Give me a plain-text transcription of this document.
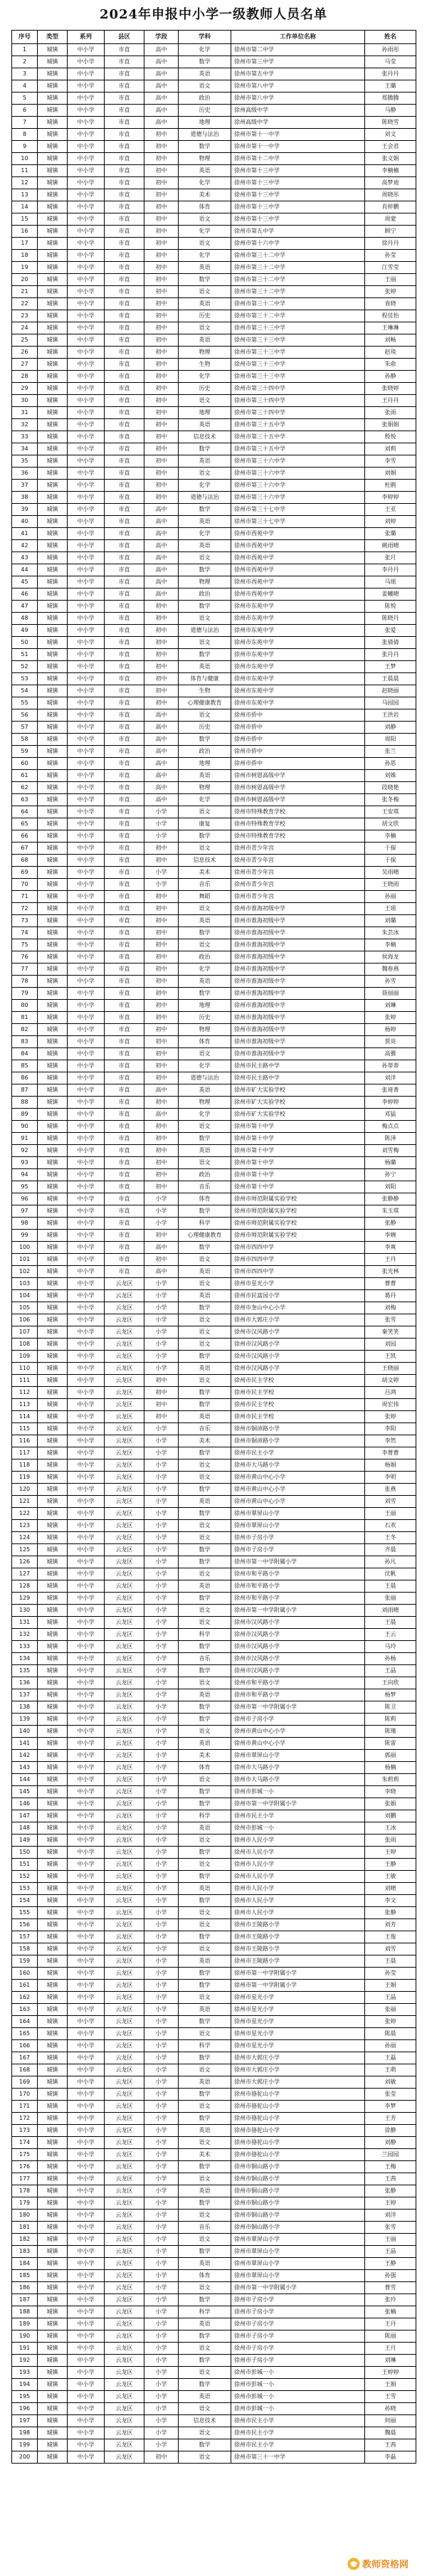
2024年申报中小学一级教师人员名单
序号	类型	系列	县区	学段	学科	工作单位名称	姓名
1	城镇	中小学	市直	高中	化学	徐州市第二中学	孙雨彤
2	城镇	中小学	市直	高中	数学	徐州市第三中学	马莹
3	城镇	中小学	市直	高中	英语	徐州市第五中学	张丹丹
4	城镇	中小学	市直	高中	语文	徐州市第八中学	王璐
5	城镇	中小学	市直	高中	政治	徐州市第八中学	郑腾腾
6	城镇	中小学	市直	高中	历史	徐州高级中学	马静
7	城镇	中小学	市直	高中	地理	徐州高级中学	陈晓雪
8	城镇	中小学	市直	初中	道德与法治	徐州市第十一中学	刘文
9	城镇	中小学	市直	初中	数学	徐州市第十一中学	王会君
10	城镇	中小学	市直	初中	物理	徐州市第十二中学	张文娟
11	城镇	中小学	市直	初中	英语	徐州市第十三中学	李楠楠
12	城镇	中小学	市直	初中	化学	徐州市第十三中学	高梦迪
13	城镇	中小学	市直	初中	美术	徐州市第十三中学	周晓彤
14	城镇	中小学	市直	初中	体育	徐州市第十三中学	肖梓鹏
15	城镇	中小学	市直	初中	语文	徐州市第十三中学	周蒙
16	城镇	中小学	市直	初中	化学	徐州市第五中学	顾宁
17	城镇	中小学	市直	初中	语文	徐州市第十六中学	徐丹丹
18	城镇	中小学	市直	初中	化学	徐州市第三十二中学	孙莹
19	城镇	中小学	市直	初中	英语	徐州市第三十二中学	江雪莹
20	城镇	中小学	市直	初中	数学	徐州市第三十二中学	王丽
21	城镇	中小学	市直	初中	语文	徐州市第三十二中学	张婷
22	城镇	中小学	市直	初中	英语	徐州市第三十二中学	袁晓
23	城镇	中小学	市直	初中	历史	徐州市第三十二中学	程佳怡
24	城镇	中小学	市直	初中	语文	徐州市第三十三中学	王琳琳
25	城镇	中小学	市直	初中	英语	徐州市第三十三中学	刘畅
26	城镇	中小学	市直	初中	物理	徐州市第三十三中学	赵琰
27	城镇	中小学	市直	初中	生物	徐州市第三十三中学	朱俞
28	城镇	中小学	市直	初中	化学	徐州市第三十三中学	孙静
29	城镇	中小学	市直	初中	历史	徐州市第三十四中学	张晓婷
30	城镇	中小学	市直	初中	语文	徐州市第三十四中学	王丹丹
31	城镇	中小学	市直	初中	地理	徐州市第三十四中学	张雨
32	城镇	中小学	市直	初中	英语	徐州市第三十五中学	张娟娟
33	城镇	中小学	市直	初中	信息技术	徐州市第三十五中学	殷悦
34	城镇	中小学	市直	初中	数学	徐州市第三十五中学	刘莉
35	城镇	中小学	市直	初中	英语	徐州市第三十六中学	李雪
36	城镇	中小学	市直	初中	语文	徐州市第三十六中学	刘娟
37	城镇	中小学	市直	初中	化学	徐州市第三十六中学	杜鹃
38	城镇	中小学	市直	初中	道德与法治	徐州市第三十六中学	李婷婷
39	城镇	中小学	市直	高中	数学	徐州市第三十七中学	王亚
40	城镇	中小学	市直	高中	英语	徐州市第三十七中学	刘婷
41	城镇	中小学	市直	高中	化学	徐州市西苑中学	张璐
42	城镇	中小学	市直	高中	英语	徐州市西苑中学	姚雨晴
43	城镇	中小学	市直	高中	语文	徐州市西苑中学	张月
44	城镇	中小学	市直	高中	数学	徐州市西苑中学	李丹丹
45	城镇	中小学	市直	高中	物理	徐州市西苑中学	马瑶
46	城镇	中小学	市直	高中	政治	徐州市西苑中学	姜曦晴
47	城镇	中小学	市直	初中	数学	徐州市东苑中学	陈悦
48	城镇	中小学	市直	初中	语文	徐州市东苑中学	陈晓丹
49	城镇	中小学	市直	初中	道德与法治	徐州市东苑中学	张爱
50	城镇	中小学	市直	初中	语文	徐州市东苑中学	张倩倩
51	城镇	中小学	市直	初中	数学	徐州市东苑中学	张丹丹
52	城镇	中小学	市直	初中	英语	徐州市东苑中学	王梦
53	城镇	中小学	市直	初中	体育与健康	徐州市东苑中学	王晨晨
54	城镇	中小学	市直	初中	生物	徐州市东苑中学	赵晓丽
55	城镇	中小学	市直	初中	心理健康教育	徐州市东苑中学	马园园
56	城镇	中小学	市直	高中	语文	徐州市侨中	王洪岩
57	城镇	中小学	市直	高中	历史	徐州市侨中	刘静
58	城镇	中小学	市直	高中	数学	徐州市侨中	周阳
59	城镇	中小学	市直	高中	政治	徐州市侨中	张兰
60	城镇	中小学	市直	高中	地理	徐州市侨中	孙思
61	城镇	中小学	市直	高中	英语	徐州市树恩高级中学	刘姝
62	城镇	中小学	市直	高中	物理	徐州市树恩高级中学	段晓艳
63	城镇	中小学	市直	高中	化学	徐州市树恩高级中学	张冬梅
64	城镇	中小学	市直	小学	语文	徐州市特殊教育学校	王安琪
65	城镇	中小学	市直	小学	康复	徐州市特殊教育学校	胡文欣
66	城镇	中小学	市直	小学	数学	徐州市特殊教育学校	李楠
67	城镇	中小学	市直	初中	语文	徐州市青少年宫	于探
68	城镇	中小学	市直	初中	信息技术	徐州市青少年宫	于探
69	城镇	中小学	市直	小学	美术	徐州市青少年宫	吴雨晴
70	城镇	中小学	市直	小学	音乐	徐州市青少年宫	王晓雨
71	城镇	中小学	市直	初中	舞蹈	徐州市青少年宫	孙丽
72	城镇	中小学	市直	初中	语文	徐州市淮海初级中学	王瑶
73	城镇	中小学	市直	初中	英语	徐州市淮海初级中学	刘璐
74	城镇	中小学	市直	初中	数学	徐州市淮海初级中学	朱芸冰
75	城镇	中小学	市直	初中	语文	徐州市淮海初级中学	李楠
76	城镇	中小学	市直	初中	政治	徐州市淮海初级中学	侯海龙
77	城镇	中小学	市直	初中	化学	徐州市淮海初级中学	魏春燕
78	城镇	中小学	市直	初中	英语	徐州市淮海初级中学	孙雪
79	城镇	中小学	市直	初中	数学	徐州市淮海初级中学	聂丽丽
80	城镇	中小学	市直	初中	地理	徐州市淮海初级中学	刘琳
81	城镇	中小学	市直	初中	历史	徐州市淮海初级中学	张婷
82	城镇	中小学	市直	初中	物理	徐州市淮海初级中学	杨婷
83	城镇	中小学	市直	初中	体育	徐州市淮海初级中学	贾亮
84	城镇	中小学	市直	初中	语文	徐州市淮海初级中学	高雅
85	城镇	中小学	市直	初中	化学	徐州市民主路中学	孙蒂蒂
86	城镇	中小学	市直	初中	道德与法治	徐州市民主路中学	刘洋
87	城镇	中小学	市直	高中	英语	徐州市矿大实验学校	张琦菁
88	城镇	中小学	市直	初中	物理	徐州市矿大实验学校	李婷婷
89	城镇	中小学	市直	高中	化学	徐州市矿大实验学校	邓猛
90	城镇	中小学	市直	初中	语文	徐州市第十中学	梅点点
91	城镇	中小学	市直	初中	数学	徐州市第十中学	陈泽
92	城镇	中小学	市直	初中	英语	徐州市第十中学	刘雪梅
93	城镇	中小学	市直	初中	语文	徐州市第十中学	杨璐
94	城镇	中小学	市直	初中	政治	徐州市第十中学	孙宁
95	城镇	中小学	市直	初中	音乐	徐州市第十中学	刘阳
96	城镇	中小学	市直	小学	体育	徐州市师范附属实验学校	张静静
97	城镇	中小学	市直	小学	数学	徐州市师范附属实验学校	朱玉琪
98	城镇	中小学	市直	小学	科学	徐州市师范附属实验学校	张静
99	城镇	中小学	市直	初中	心理健康教育	徐州市师范附属实验学校	李婉
100	城镇	中小学	市直	高中	数学	徐州市四四中学	李爽
101	城镇	中小学	市直	初中	语文	徐州市四四中学	王丹
102	城镇	中小学	市直	高中	英语	徐州市四四中学	张光林
103	城镇	中小学	云龙区	小学	语文	徐州市星光小学	曹曹
104	城镇	中小学	云龙区	小学	英语	徐州市民富园小学	葛丹
105	城镇	中小学	云龙区	小学	数学	徐州市奎山中心小学	刘梅
106	城镇	中小学	云龙区	小学	语文	徐州市大郭庄小学	张雪
107	城镇	中小学	云龙区	小学	语文	徐州市汉风路小学	秦笑笑
108	城镇	中小学	云龙区	小学	语文	徐州市汉风路小学	刘园
109	城镇	中小学	云龙区	小学	数学	徐州市汉风路小学	王凯
110	城镇	中小学	云龙区	小学	英语	徐州市汉风路小学	王晓丽
111	城镇	中小学	云龙区	初中	语文	徐州市民主学校	胡文婷
112	城镇	中小学	云龙区	初中	数学	徐州市民主学校	吕鸿
113	城镇	中小学	云龙区	初中	数学	徐州市民主学校	周宏伟
114	城镇	中小学	云龙区	初中	英语	徐州市民主学校	张婷
115	城镇	中小学	云龙区	小学	音乐	徐州市铜沛路小学	李阳
116	城镇	中小学	云龙区	小学	美术	徐州市铜沛路小学	李然
117	城镇	中小学	云龙区	小学	数学	徐州市民主小学	李曹曹
118	城镇	中小学	云龙区	小学	语文	徐州市大马路小学	杨娟
119	城镇	中小学	云龙区	小学	语文	徐州市黄山中心小学	李明
120	城镇	中小学	云龙区	小学	数学	徐州市黄山中心小学	张燕
121	城镇	中小学	云龙区	小学	英语	徐州市黄山中心小学	刘雪
122	城镇	中小学	云龙区	小学	数学	徐州市翠屏山小学	王丽
123	城镇	中小学	云龙区	小学	语文	徐州市翠屏山小学	石欢
124	城镇	中小学	云龙区	小学	语文	徐州市子房小学	王冬
125	城镇	中小学	云龙区	小学	数学	徐州市子房小学	齐晨
126	城镇	中小学	云龙区	小学	数学	徐州市第一中学附属小学	孙凡
127	城镇	中小学	云龙区	小学	语文	徐州市和平路小学	沈帆
128	城镇	中小学	云龙区	小学	英语	徐州市和平路小学	王晨
129	城镇	中小学	云龙区	小学	数学	徐州市和平路小学	张丽
130	城镇	中小学	云龙区	小学	语文	徐州市第一中学附属小学	刘雨晴
131	城镇	中小学	云龙区	小学	语文	徐州市汉风路小学	王晨
132	城镇	中小学	云龙区	小学	科学	徐州市汉风路小学	王云
133	城镇	中小学	云龙区	小学	数学	徐州市汉风路小学	马玲
134	城镇	中小学	云龙区	小学	音乐	徐州市汉风路小学	孙杨
135	城镇	中小学	云龙区	小学	数学	徐州市汉风路小学	王晶
136	城镇	中小学	云龙区	小学	语文	徐州市和平路小学	王向欣
137	城镇	中小学	云龙区	小学	英语	徐州市和平路小学	杨梦
138	城镇	中小学	云龙区	小学	数学	徐州市第一中学附属小学	陈卫
139	城镇	中小学	云龙区	小学	数学	徐州市子房小学	陈莉
140	城镇	中小学	云龙区	小学	语文	徐州市黄山中心小学	陈瑾
141	城镇	中小学	云龙区	小学	英语	徐州市黄山中心小学	陈雷
142	城镇	中小学	云龙区	小学	美术	徐州市翠屏山小学	郭丽
143	城镇	中小学	云龙区	小学	体育	徐州市大马路小学	杨楠
144	城镇	中小学	云龙区	小学	语文	徐州市大马路小学	朱莉莉
145	城镇	中小学	云龙区	小学	数学	徐州市彭城一小	李晓
146	城镇	中小学	云龙区	小学	数学	徐州市第一中学附属小学	张娟
147	城镇	中小学	云龙区	小学	科学	徐州市民主小学	刘鹏
148	城镇	中小学	云龙区	小学	英语	徐州市彭城一小	王冰
149	城镇	中小学	云龙区	小学	语文	徐州市人民小学	张雨
150	城镇	中小学	云龙区	小学	数学	徐州市人民小学	王婷
151	城镇	中小学	云龙区	小学	语文	徐州市人民小学	王静
152	城镇	中小学	云龙区	小学	数学	徐州市人民小学	王敏
153	城镇	中小学	云龙区	小学	英语	徐州市人民小学	刘晴
154	城镇	中小学	云龙区	小学	数学	徐州市人民小学	李文
155	城镇	中小学	云龙区	小学	语文	徐州市人民小学	张静
156	城镇	中小学	云龙区	小学	语文	徐州市王陵路小学	刘芳
157	城镇	中小学	云龙区	小学	数学	徐州市王陵路小学	王俊
158	城镇	中小学	云龙区	小学	语文	徐州市王陵路小学	刘雪
159	城镇	中小学	云龙区	小学	英语	徐州市王陵路小学	王晨
160	城镇	中小学	云龙区	小学	数学	徐州市第一中学附属小学	孙莹
161	城镇	中小学	云龙区	小学	数学	徐州市第一中学附属小学	王娟
162	城镇	中小学	云龙区	小学	语文	徐州市星光小学	王晶
163	城镇	中小学	云龙区	小学	英语	徐州市星光小学	张丽
164	城镇	中小学	云龙区	小学	数学	徐州市星光小学	张婷
165	城镇	中小学	云龙区	小学	语文	徐州市星光小学	陈晨
166	城镇	中小学	云龙区	小学	科学	徐州市星光小学	孙丽
167	城镇	中小学	云龙区	小学	数学	徐州市大郭庄小学	王磊
168	城镇	中小学	云龙区	小学	语文	徐州市大郭庄小学	王萌
169	城镇	中小学	云龙区	小学	英语	徐州市大郭庄小学	刘敏
170	城镇	中小学	云龙区	小学	数学	徐州市骆驼山小学	张莹
171	城镇	中小学	云龙区	小学	语文	徐州市骆驼山小学	李梦
172	城镇	中小学	云龙区	小学	数学	徐州市骆驼山小学	王芳
173	城镇	中小学	云龙区	小学	英语	徐州市骆驼山小学	徐静
174	城镇	中小学	云龙区	小学	语文	徐州市骆驼山小学	刘静
175	城镇	中小学	云龙区	小学	美术	徐州市骆驼山小学	兰园园
176	城镇	中小学	云龙区	小学	数学	徐州市铜山路小学	王梅
177	城镇	中小学	云龙区	小学	语文	徐州市铜山路小学	王茜
178	城镇	中小学	云龙区	小学	英语	徐州市铜山路小学	张静
179	城镇	中小学	云龙区	小学	数学	徐州市铜山路小学	王婷
180	城镇	中小学	云龙区	小学	语文	徐州市铜山路小学	刘洋
181	城镇	中小学	云龙区	小学	音乐	徐州市铜山路小学	张雪
182	城镇	中小学	云龙区	小学	语文	徐州市翠屏山小学	王丽
183	城镇	中小学	云龙区	小学	数学	徐州市翠屏山小学	王晶
184	城镇	中小学	云龙区	小学	英语	徐州市翠屏山小学	王静
185	城镇	中小学	云龙区	小学	体育	徐州市翠屏山小学	孙强
186	城镇	中小学	云龙区	小学	语文	徐州市第一中学附属小学	曹雪
187	城镇	中小学	云龙区	小学	数学	徐州市子房小学	张玲
188	城镇	中小学	云龙区	小学	科学	徐州市子房小学	张楠
189	城镇	中小学	云龙区	小学	英语	徐州市子房小学	王丹
190	城镇	中小学	云龙区	小学	数学	徐州市子房小学	陈丽
191	城镇	中小学	云龙区	小学	语文	徐州市子房小学	王月
192	城镇	中小学	云龙区	小学	数学	徐州市子房小学	刘琳
193	城镇	中小学	云龙区	小学	语文	徐州市彭城一小	王婷婷
194	城镇	中小学	云龙区	小学	数学	徐州市彭城一小	王娟
195	城镇	中小学	云龙区	小学	英语	徐州市彭城一小	王雪
196	城镇	中小学	云龙区	小学	语文	徐州市彭城一小	孙晓
197	城镇	中小学	云龙区	小学	信息技术	徐州市民主小学	何丽
198	城镇	中小学	云龙区	小学	语文	徐州市民主小学	魏晨
199	城镇	中小学	云龙区	小学	数学	徐州市民主小学	王茜
200	城镇	中小学	云龙区	初中	语文	徐州市第三十一中学	李磊
教师资格网
